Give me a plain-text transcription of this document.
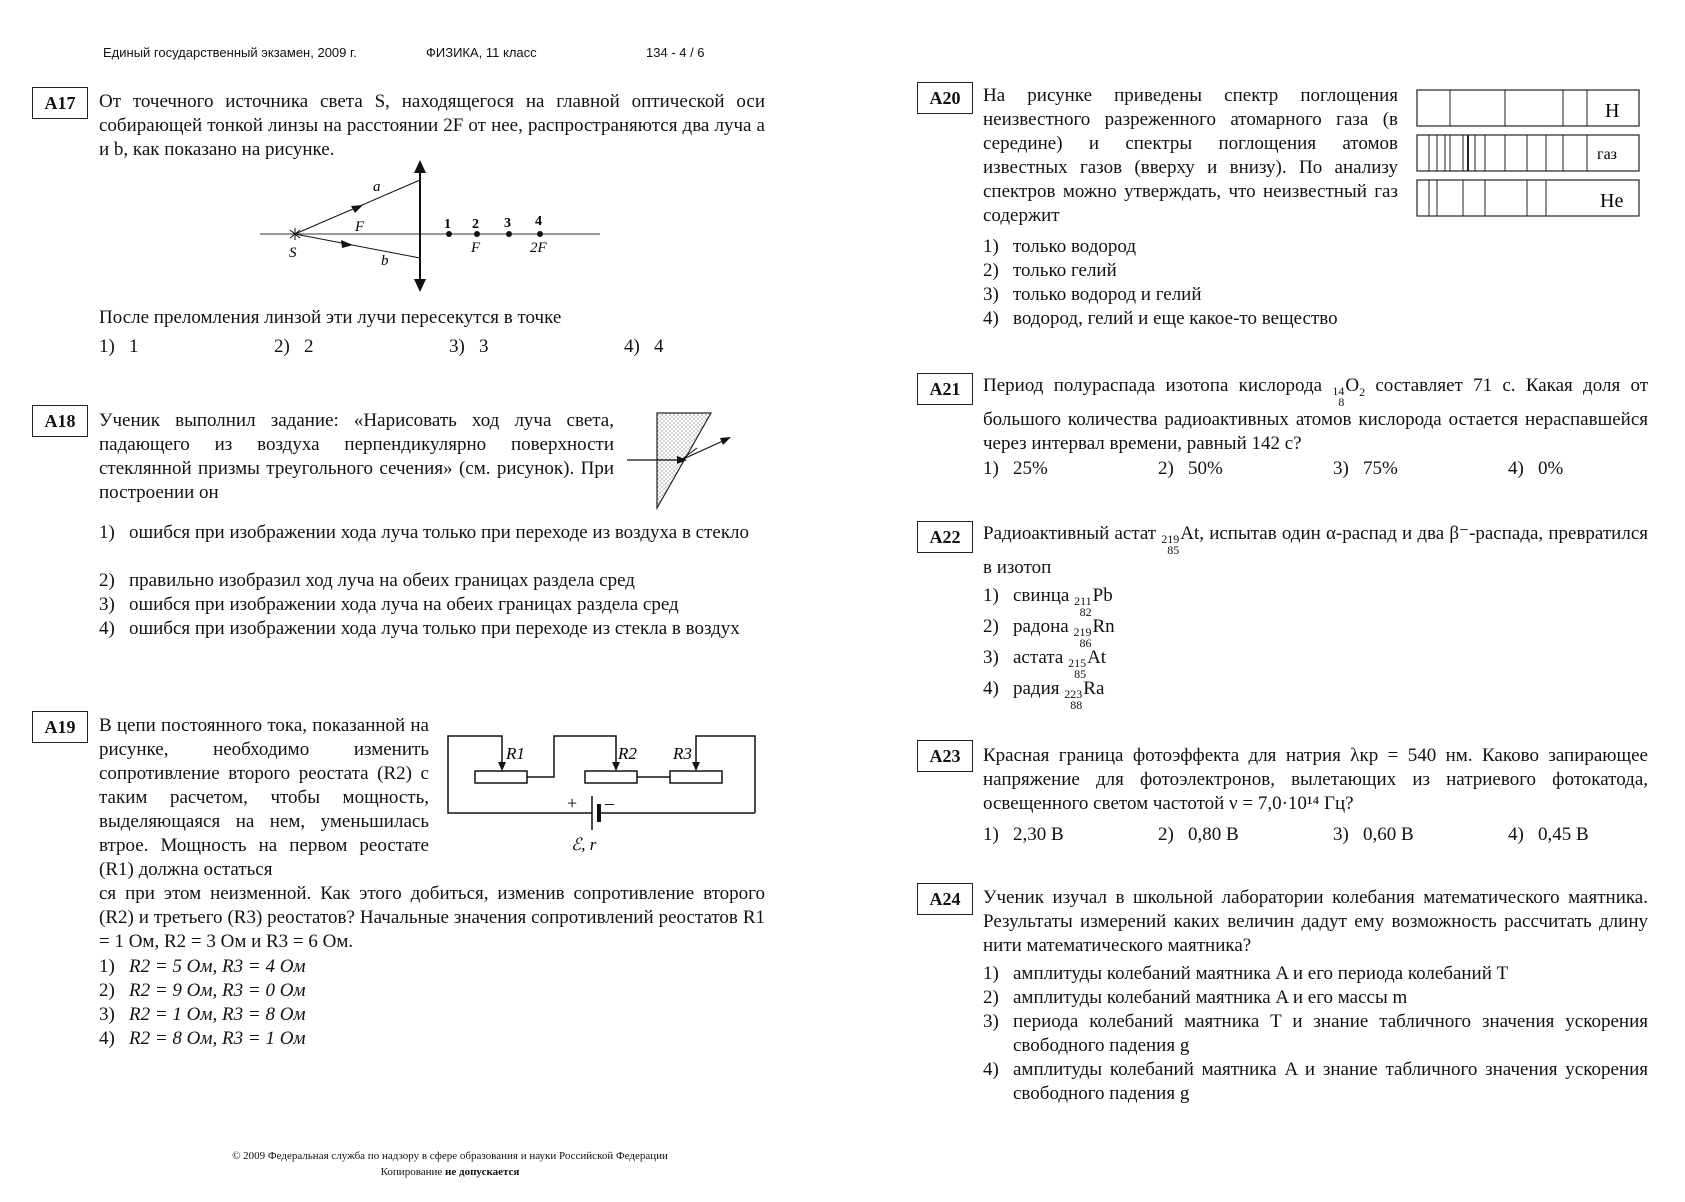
Единый государственный экзамен, 2009 г.	ФИЗИКА, 11 класс	134 - 4 / 6
A17	От точечного источника света S, находящегося на главной оптической оси собирающей тонкой линзы на расстоянии 2F от нее, распространяются два луча a и b, как показано на рисунке.
a
b
S
F
F	2F
1 2 3 4
После преломления линзой эти лучи пересекутся в точке
1) 1	2) 2	3) 3	4) 4
A18	Ученик выполнил задание: «Нарисовать ход луча света, падающего из воздуха перпендикулярно поверхности стеклянной призмы треугольного сечения» (см. рисунок). При построении он
1) ошибся при изображении хода луча только при переходе из воздуха в стекло
2) правильно изобразил ход луча на обеих границах раздела сред
3) ошибся при изображении хода луча на обеих границах раздела сред
4) ошибся при изображении хода луча только при переходе из стекла в воздух
A19	В цепи постоянного тока, показанной на рисунке, необходимо изменить сопротивление второго реостата (R2) с таким расчетом, чтобы мощность, выделяющаяся на нем, уменьшилась втрое. Мощность на первом реостате (R1) должна остаться
R1	R2 R3
+ –
ℰ, r
ся при этом неизменной. Как этого добиться, изменив сопротивление второго (R2) и третьего (R3) реостатов? Начальные значения сопротивлений реостатов R1 = 1 Ом, R2 = 3 Ом и R3 = 6 Ом.
1) R2 = 5 Ом, R3 = 4 Ом
2) R2 = 9 Ом, R3 = 0 Ом
3) R2 = 1 Ом, R3 = 8 Ом
4) R2 = 8 Ом, R3 = 1 Ом
A20	На рисунке приведены спектр поглощения неизвестного разреженного атомарного газа (в середине) и спектры поглощения атомов известных газов (вверху и внизу). По анализу спектров можно утверждать, что неизвестный газ содержит
H
газ
He
1) только водород
2) только гелий
3) только водород и гелий
4) водород, гелий и еще какое-то вещество
A21	Период полураспада изотопа кислорода 14
8
$O_2$ составляет 71 с. Какая доля от большого количества радиоактивных атомов кислорода остается нераспавшейся через интервал времени, равный 142 с?
1) 25%	2) 50%	3) 75%	4) 0%
A22	Радиоактивный астат 219
85
At, испытав один α-распад и два β⁻-распада, превратился в изотоп
1) свинца 211
82
Pb
2) радона 219
86
Rn
3) астата 215
85
At
4) радия 223
88
Ra
A23	Красная граница фотоэффекта для натрия λкр = 540 нм. Каково запирающее напряжение для фотоэлектронов, вылетающих из натриевого фотокатода, освещенного светом частотой ν = 7,0·10¹⁴ Гц?
1) 2,30 В	2) 0,80 В	3) 0,60 В	4) 0,45 В
A24	Ученик изучал в школьной лаборатории колебания математического маятника. Результаты измерений каких величин дадут ему возможность рассчитать длину нити математического маятника?
1) амплитуды колебаний маятника A и его периода колебаний T
2) амплитуды колебаний маятника A и его массы m
3) периода колебаний маятника T и знание табличного значения ускорения свободного падения g
4) амплитуды колебаний маятника A и знание табличного значения ускорения свободного падения g
© 2009 Федеральная служба по надзору в сфере образования и науки Российской Федерации
Копирование не допускается
